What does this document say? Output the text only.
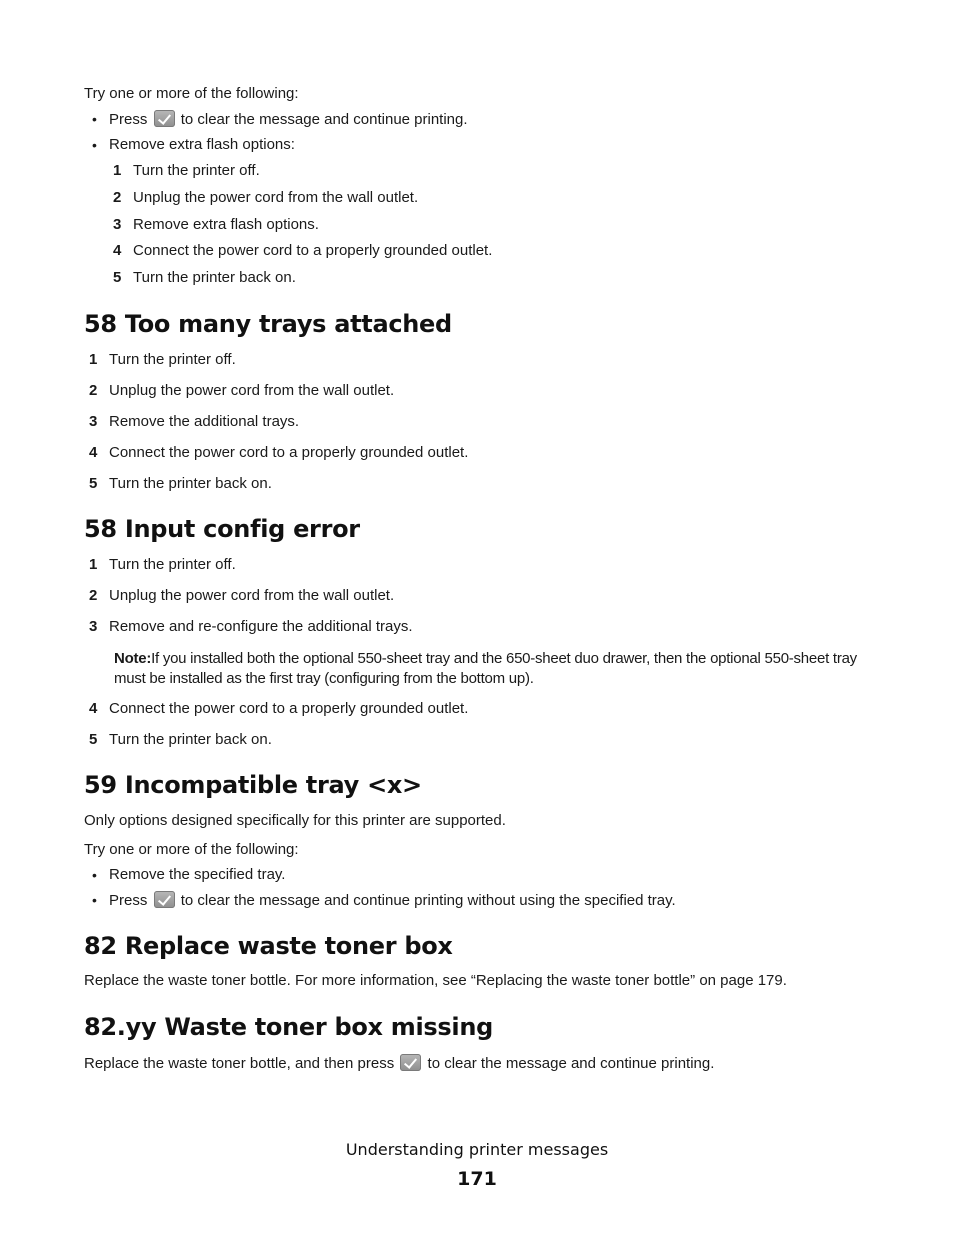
Try one or more of the following:
• Press to clear the message and continue printing.
• Remove extra flash options:
1 Turn the printer off.
2 Unplug the power cord from the wall outlet.
3 Remove extra flash options.
4 Connect the power cord to a properly grounded outlet.
5 Turn the printer back on.
58 Too many trays attached
1 Turn the printer off.
2 Unplug the power cord from the wall outlet.
3 Remove the additional trays.
4 Connect the power cord to a properly grounded outlet.
5 Turn the printer back on.
58 Input config error
1 Turn the printer off.
2 Unplug the power cord from the wall outlet.
3 Remove and re-configure the additional trays.
Note:If you installed both the optional 550-sheet tray and the 650-sheet duo drawer, then the optional 550-sheet tray must be installed as the first tray (configuring from the bottom up).
4 Connect the power cord to a properly grounded outlet.
5 Turn the printer back on.
59 Incompatible tray <x>
Only options designed specifically for this printer are supported.
Try one or more of the following:
• Remove the specified tray.
• Press to clear the message and continue printing without using the specified tray.
82 Replace waste toner box
Replace the waste toner bottle. For more information, see “Replacing the waste toner bottle” on page 179.
82.yy Waste toner box missing
Replace the waste toner bottle, and then press to clear the message and continue printing.
Understanding printer messages
171
